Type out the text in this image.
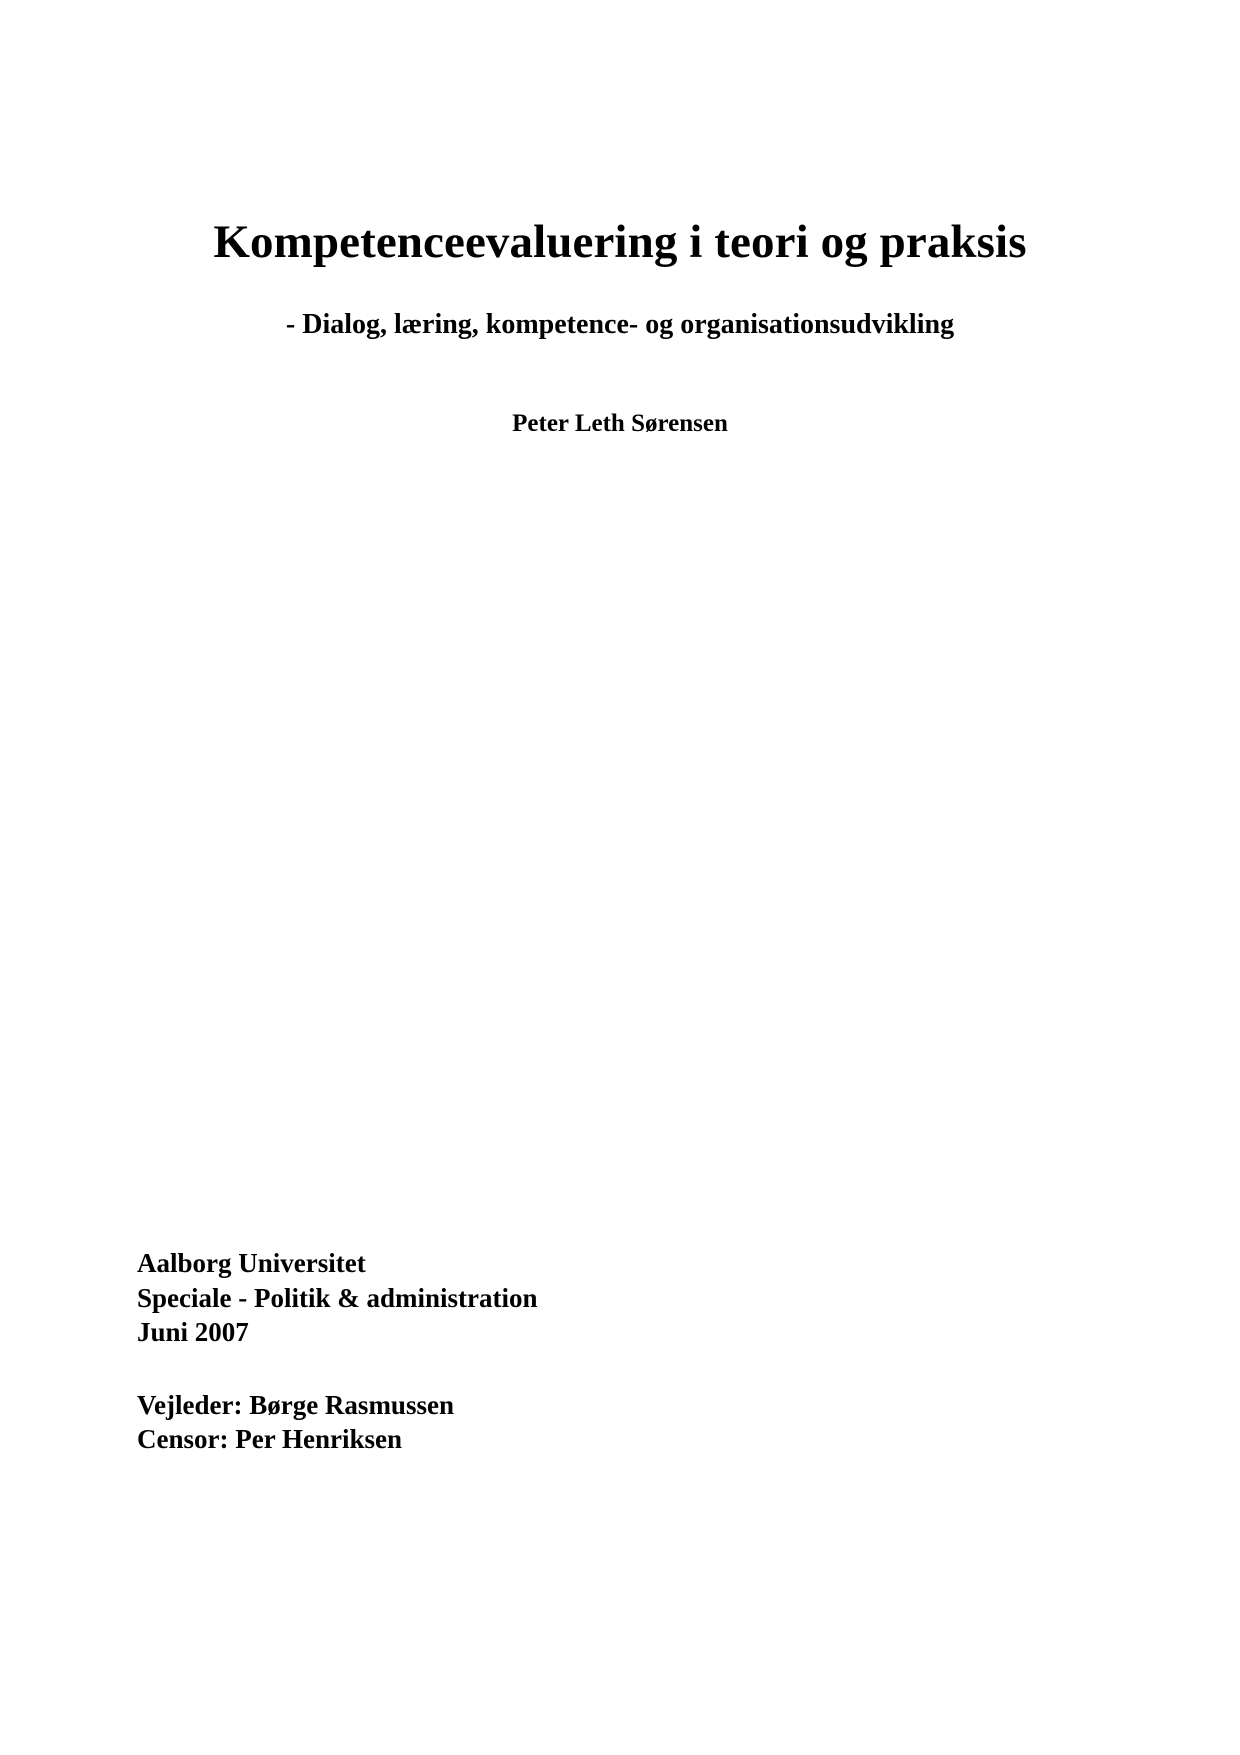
Kompetenceevaluering i teori og praksis
- Dialog, læring, kompetence- og organisationsudvikling

Peter Leth Sørensen

Aalborg Universitet

Speciale - Politik & administration

Juni 2007

Vejleder: Børge Rasmussen

Censor: Per Henriksen
